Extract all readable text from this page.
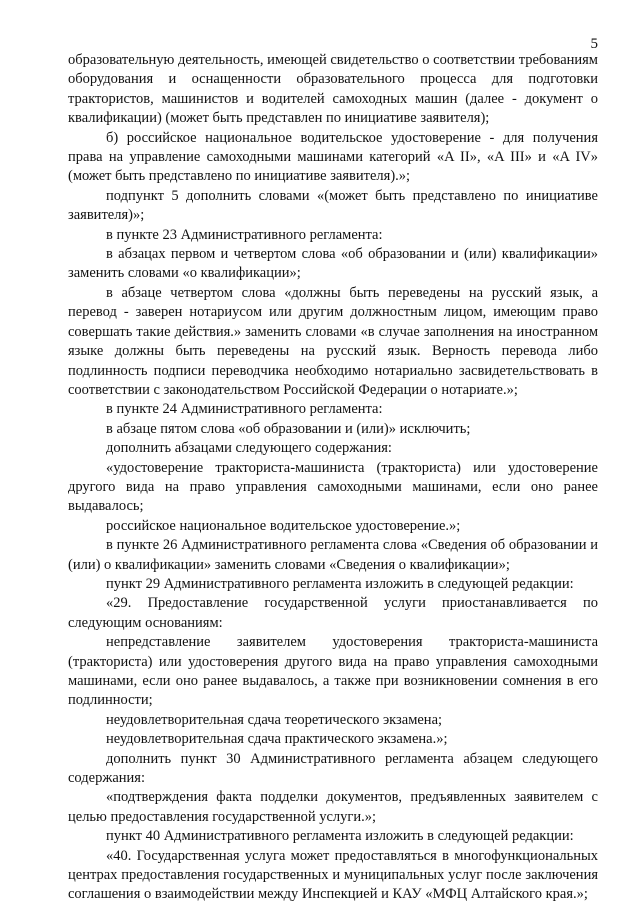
5

образовательную деятельность, имеющей свидетельство о соответствии требованиям оборудования и оснащенности образовательного процесса для подготовки трактористов, машинистов и водителей самоходных машин (далее - документ о квалификации) (может быть представлен по инициативе заявителя);

б) российское национальное водительское удостоверение - для получения права на управление самоходными машинами категорий «A II», «A III» и «A IV» (может быть представлено по инициативе заявителя).»;

подпункт 5 дополнить словами «(может быть представлено по инициативе заявителя)»;

в пункте 23 Административного регламента:

в абзацах первом и четвертом слова «об образовании и (или) квалификации» заменить словами «о квалификации»;

в абзаце четвертом слова «должны быть переведены на русский язык, а перевод - заверен нотариусом или другим должностным лицом, имеющим право совершать такие действия.» заменить словами «в случае заполнения на иностранном языке должны быть переведены на русский язык. Верность перевода либо подлинность подписи переводчика необходимо нотариально засвидетельствовать в соответствии с законодательством Российской Федерации о нотариате.»;

в пункте 24 Административного регламента:

в абзаце пятом слова «об образовании и (или)» исключить;

дополнить абзацами следующего содержания:

«удостоверение тракториста-машиниста (тракториста) или удостоверение другого вида на право управления самоходными машинами, если оно ранее выдавалось;

российское национальное водительское удостоверение.»;

в пункте 26 Административного регламента слова «Сведения об образовании и (или) о квалификации» заменить словами «Сведения о квалификации»;

пункт 29 Административного регламента изложить в следующей редакции:

«29. Предоставление государственной услуги приостанавливается по следующим основаниям:

непредставление заявителем удостоверения тракториста-машиниста (тракториста) или удостоверения другого вида на право управления самоходными машинами, если оно ранее выдавалось, а также при возникновении сомнения в его подлинности;

неудовлетворительная сдача теоретического экзамена;

неудовлетворительная сдача практического экзамена.»;

дополнить пункт 30 Административного регламента абзацем следующего содержания:

«подтверждения факта подделки документов, предъявленных заявителем с целью предоставления государственной услуги.»;

пункт 40 Административного регламента изложить в следующей редакции:

«40. Государственная услуга может предоставляться в многофункциональных центрах предоставления государственных и муниципальных услуг после заключения соглашения о взаимодействии между Инспекцией и КАУ «МФЦ Алтайского края.»;
